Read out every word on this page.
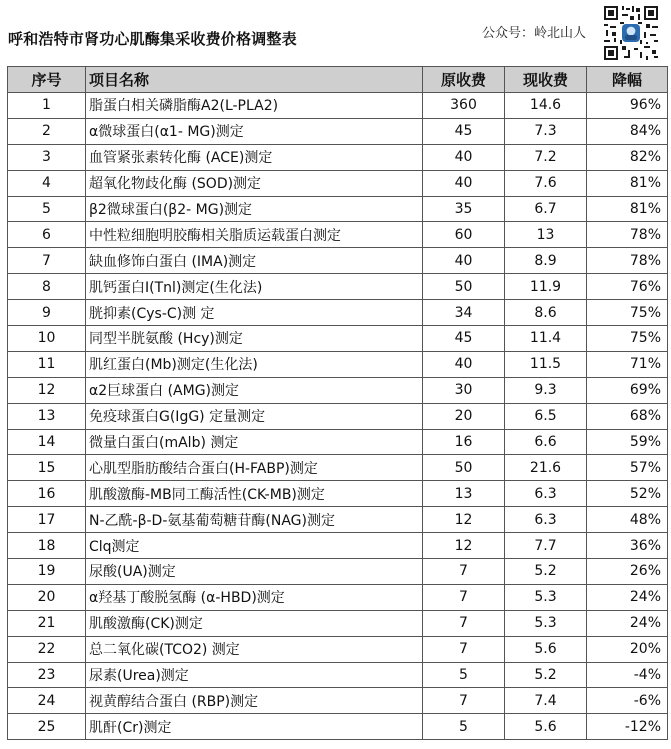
呼和浩特市肾功心肌酶集采收费价格调整表	公众号：岭北山人
序号	项目名称	原收费	现收费	降幅
1	脂蛋白相关磷脂酶A2(L-PLA2)	360	14.6	96%
2	α微球蛋白(α1- MG)测定	45	7.3	84%
3	血管紧张素转化酶 (ACE)测定	40	7.2	82%
4	超氧化物歧化酶 (SOD)测定	40	7.6	81%
5	β2微球蛋白(β2- MG)测定	35	6.7	81%
6	中性粒细胞明胶酶相关脂质运载蛋白测定	60	13	78%
7	缺血修饰白蛋白 (IMA)测定	40	8.9	78%
8	肌钙蛋白I(Tnl)测定(生化法)	50	11.9	76%
9	胱抑素(Cys-C)测 定	34	8.6	75%
10	同型半胱氨酸 (Hcy)测定	45	11.4	75%
11	肌红蛋白(Mb)测定(生化法)	40	11.5	71%
12	α2巨球蛋白 (AMG)测定	30	9.3	69%
13	免疫球蛋白G(IgG) 定量测定	20	6.5	68%
14	微量白蛋白(mAlb) 测定	16	6.6	59%
15	心肌型脂肪酸结合蛋白(H-FABP)测定	50	21.6	57%
16	肌酸激酶-MB同工酶活性(CK-MB)测定	13	6.3	52%
17	N-乙酰-β-D-氨基葡萄糖苷酶(NAG)测定	12	6.3	48%
18	Clq测定	12	7.7	36%
19	尿酸(UA)测定	7	5.2	26%
20	α羟基丁酸脱氢酶 (α-HBD)测定	7	5.3	24%
21	肌酸激酶(CK)测定	7	5.3	24%
22	总二氧化碳(TCO2) 测定	7	5.6	20%
23	尿素(Urea)测定	5	5.2	-4%
24	视黄醇结合蛋白 (RBP)测定	7	7.4	-6%
25	肌酐(Cr)测定	5	5.6	-12%
